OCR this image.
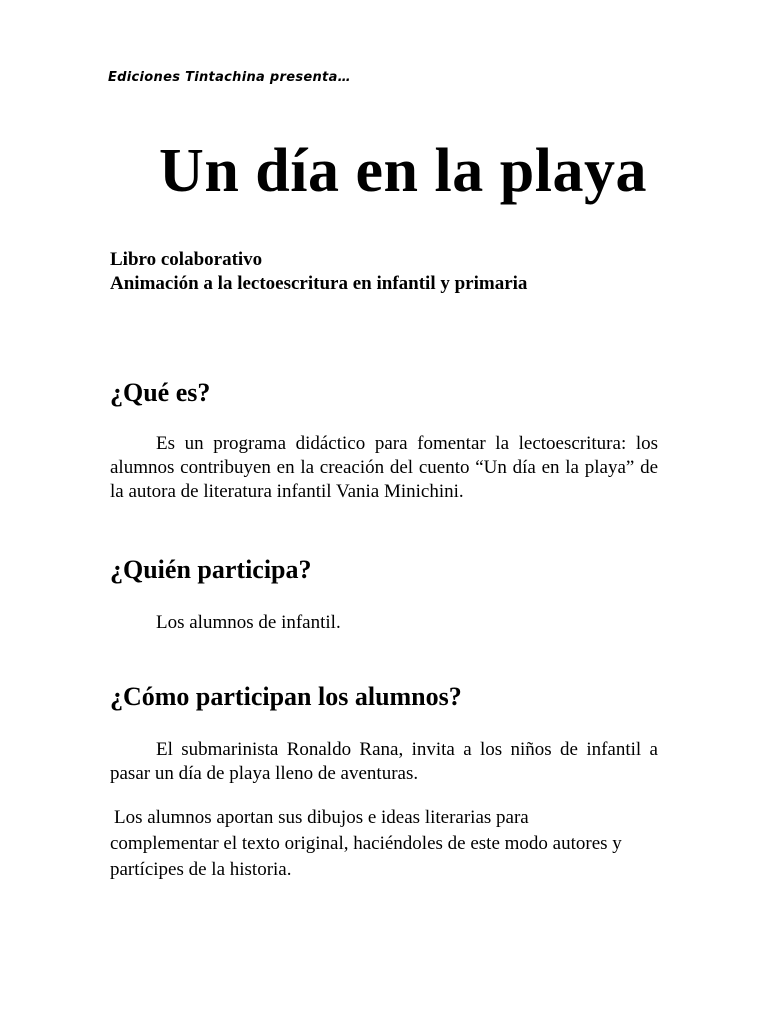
Ediciones Tintachina presenta…
Un día en la playa
Libro colaborativo
Animación a la lectoescritura en infantil y primaria
¿Qué es?
Es un programa didáctico para fomentar la lectoescritura: los alumnos contribuyen en la creación del cuento “Un día en la playa” de la autora de literatura infantil Vania Minichini.
¿Quién participa?
Los alumnos de infantil.
¿Cómo participan los alumnos?
El submarinista Ronaldo Rana, invita a los niños de infantil a pasar un día de playa lleno de aventuras.
Los alumnos aportan sus dibujos e ideas literarias para complementar el texto original, haciéndoles de este modo autores y partícipes de la historia.
